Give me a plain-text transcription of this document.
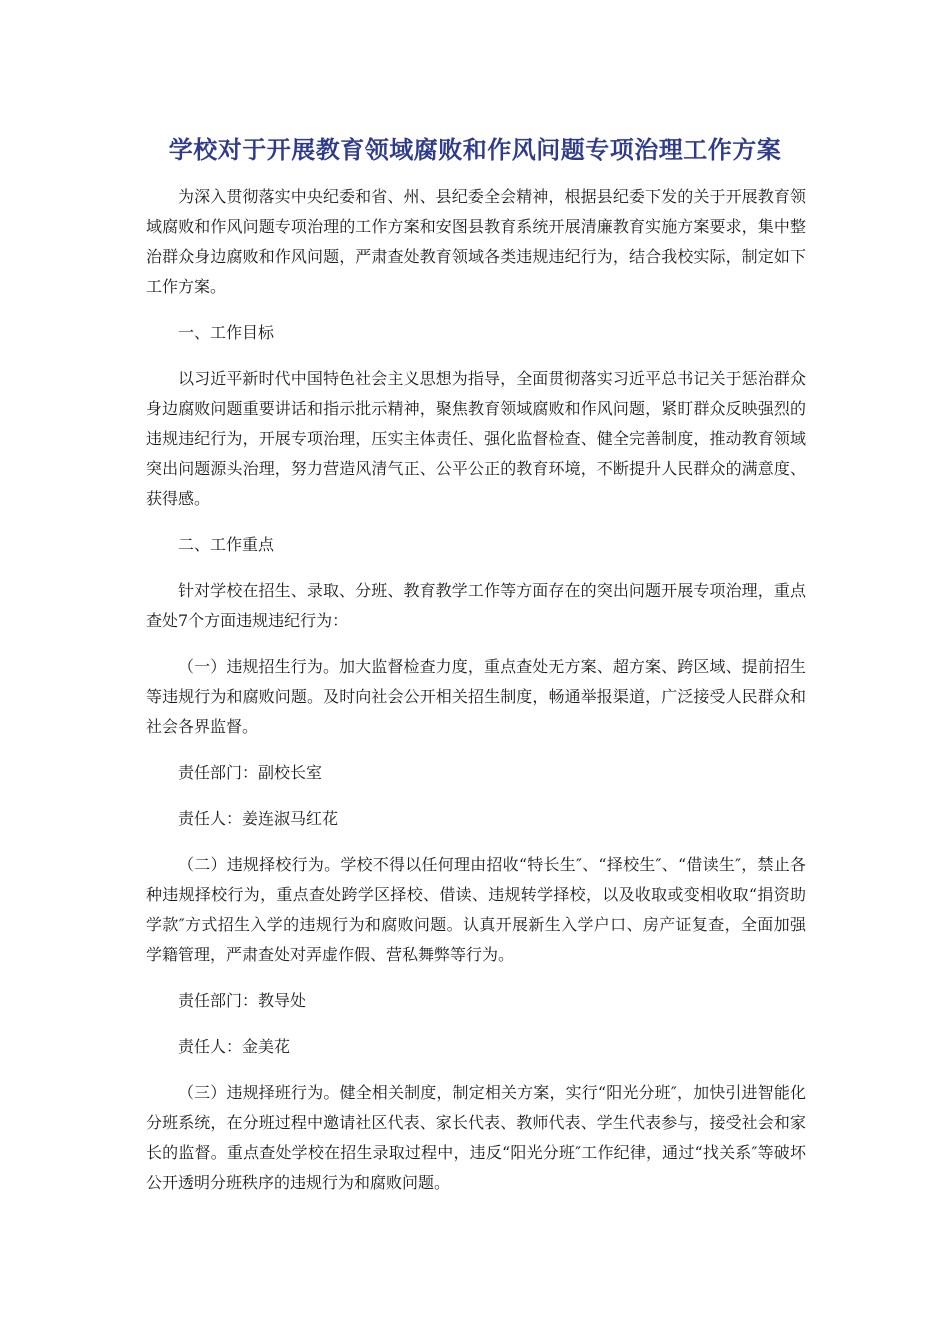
学校对于开展教育领域腐败和作风问题专项治理工作方案

为深入贯彻落实中央纪委和省、州、县纪委全会精神，根据县纪委下发的关于开展教育领域腐败和作风问题专项治理的工作方案和安图县教育系统开展清廉教育实施方案要求，集中整治群众身边腐败和作风问题，严肃查处教育领域各类违规违纪行为，结合我校实际，制定如下工作方案。

一、工作目标

以习近平新时代中国特色社会主义思想为指导，全面贯彻落实习近平总书记关于惩治群众身边腐败问题重要讲话和指示批示精神，聚焦教育领域腐败和作风问题，紧盯群众反映强烈的违规违纪行为，开展专项治理，压实主体责任、强化监督检查、健全完善制度，推动教育领域突出问题源头治理，努力营造风清气正、公平公正的教育环境，不断提升人民群众的满意度、获得感。

二、工作重点

针对学校在招生、录取、分班、教育教学工作等方面存在的突出问题开展专项治理，重点查处7个方面违规违纪行为：

（一）违规招生行为。加大监督检查力度，重点查处无方案、超方案、跨区域、提前招生等违规行为和腐败问题。及时向社会公开相关招生制度，畅通举报渠道，广泛接受人民群众和社会各界监督。

责任部门：副校长室

责任人：姜连淑马红花

（二）违规择校行为。学校不得以任何理由招收“特长生″、“择校生″、“借读生″，禁止各种违规择校行为，重点查处跨学区择校、借读、违规转学择校，以及收取或变相收取“捐资助学款″方式招生入学的违规行为和腐败问题。认真开展新生入学户口、房产证复查，全面加强学籍管理，严肃查处对弄虚作假、营私舞弊等行为。

责任部门：教导处

责任人：金美花

（三）违规择班行为。健全相关制度，制定相关方案，实行“阳光分班″，加快引进智能化分班系统，在分班过程中邀请社区代表、家长代表、教师代表、学生代表参与，接受社会和家长的监督。重点查处学校在招生录取过程中，违反“阳光分班″工作纪律，通过“找关系″等破坏公开透明分班秩序的违规行为和腐败问题。
